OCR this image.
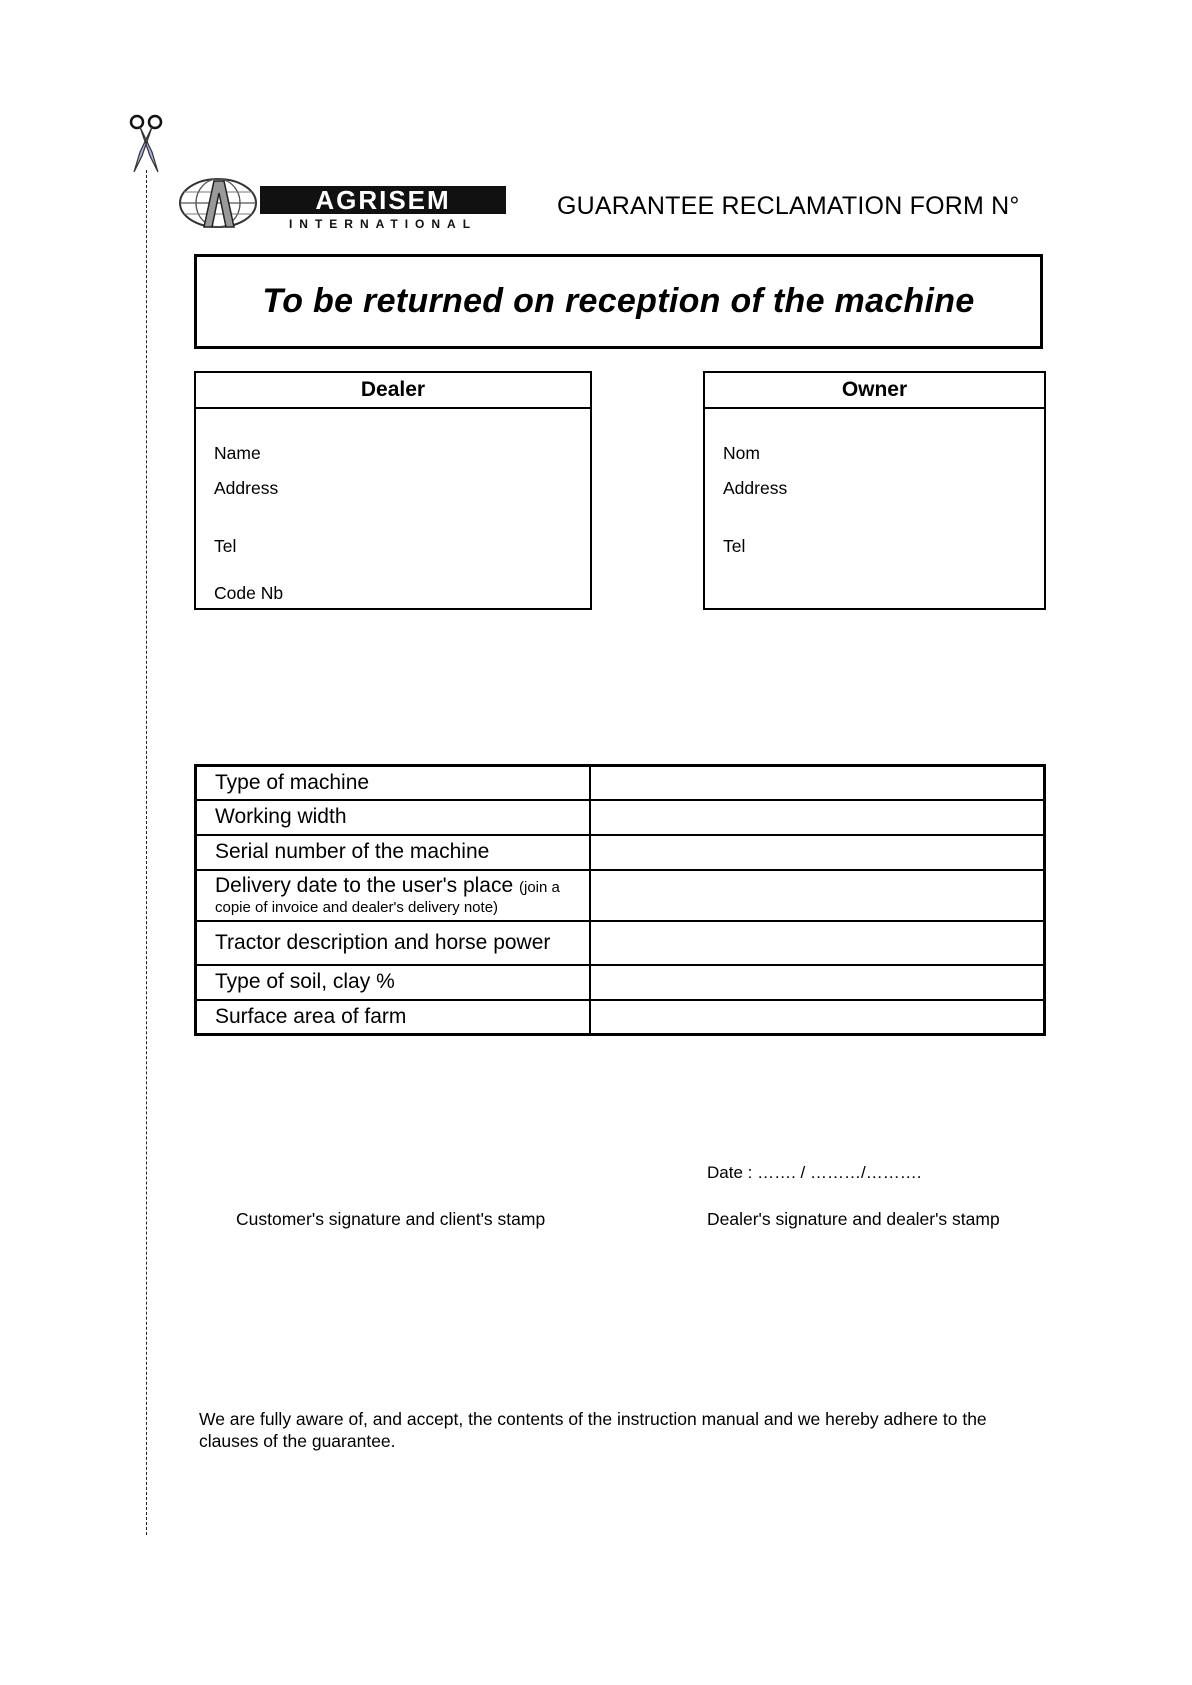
AGRISEM
INTERNATIONAL
GUARANTEE RECLAMATION FORM N°
To be returned on reception of the machine
Dealer
Name
Address
Tel
Code Nb
Owner
Nom
Address
Tel
Type of machine	
Working width	
Serial number of the machine	
Delivery date to the user's place (join a
copie of invoice and dealer's delivery note)	

Tractor description and horse power	
Type of soil, clay %	
Surface area of farm	
Date : ……. / ………/……….
Customer's signature and client's stamp	Dealer's signature and dealer's stamp
We are fully aware of, and accept, the contents of the instruction manual and we hereby adhere to the clauses of the guarantee.
